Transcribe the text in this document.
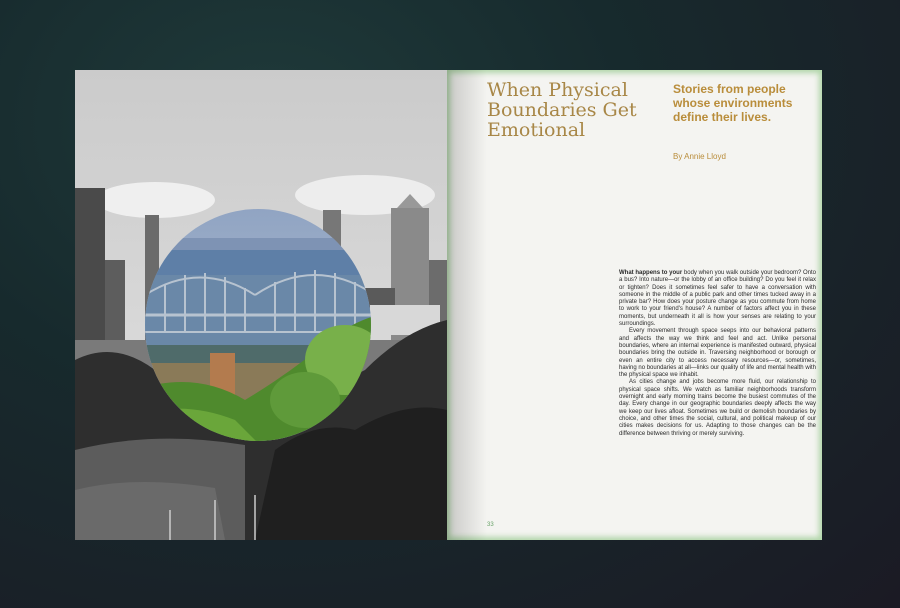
When Physical Boundaries Get Emotional
Stories from people whose environments define their lives.
By Annie Lloyd

What happens to your body when you walk outside your bedroom? Onto a bus? Into nature—or the lobby of an office building? Do you feel it relax or tighten? Does it sometimes feel safer to have a conversation with someone in the middle of a public park and other times tucked away in a private bar? How does your posture change as you commute from home to work to your friend's house? A number of factors affect you in these moments, but underneath it all is how your senses are relating to your surroundings.

Every movement through space seeps into our behavioral patterns and affects the way we think and feel and act. Unlike personal boundaries, where an internal experience is manifested outward, physical boundaries bring the outside in. Traversing neighborhood or borough or even an entire city to access necessary resources—or, sometimes, having no boundaries at all—links our quality of life and mental health with the physical space we inhabit.

As cities change and jobs become more fluid, our relationship to physical space shifts. We watch as familiar neighborhoods transform overnight and early morning trains become the busiest commutes of the day. Every change in our geographic boundaries deeply affects the way we keep our lives afloat. Sometimes we build or demolish boundaries by choice, and other times the social, cultural, and political makeup of our cities makes decisions for us. Adapting to those changes can be the difference between thriving or merely surviving.

33
